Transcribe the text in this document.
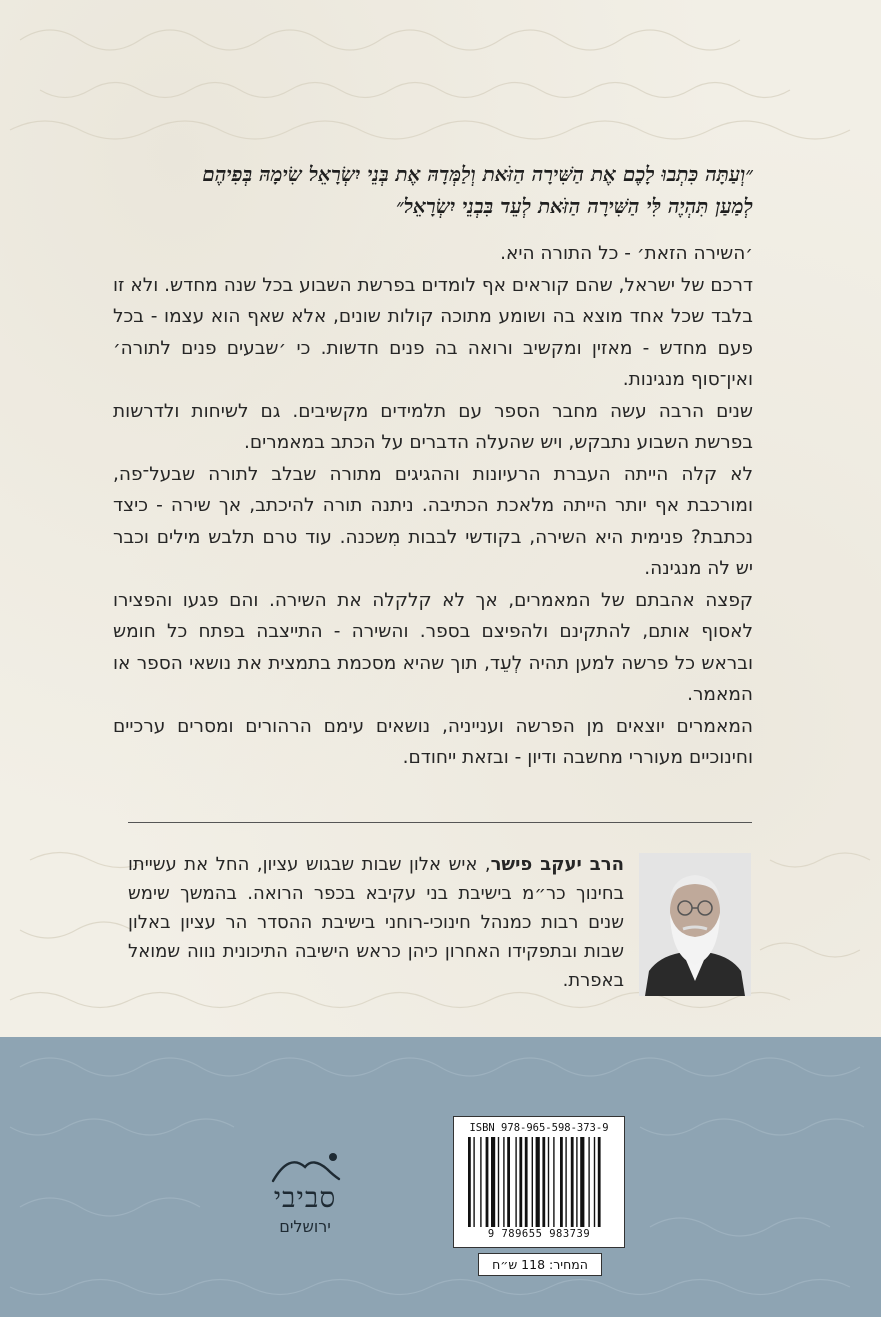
״וְעַתָּה כִּתְבוּ לָכֶם אֶת הַשִּׁירָה הַזֹּאת וְלַמְּדָהּ אֶת בְּנֵי יִשְׂרָאֵל שִׂימָהּ בְּפִיהֶם
לְמַעַן תִּהְיֶה לִּי הַשִּׁירָה הַזֹּאת לְעֵד בִּבְנֵי יִשְׂרָאֵל״

׳השירה הזאת׳ - כל התורה היא.

דרכם של ישראל, שהם קוראים אף לומדים בפרשת השבוע בכל שנה מחדש. ולא זו בלבד שכל אחד מוצא בה ושומע מתוכה קולות שונים, אלא שאף הוא עצמו - בכל פעם מחדש - מאזין ומקשיב ורואה בה פנים חדשות. כי ׳שבעים פנים לתורה׳ ואין־סוף מנגינות.

שנים הרבה עשה מחבר הספר עם תלמידים מקשיבים. גם לשיחות ולדרשות בפרשת השבוע נתבקש, ויש שהעלה הדברים על הכתב במאמרים.

לא קלה הייתה העברת הרעיונות וההגיגים מתורה שבלב לתורה שבעל־פה, ומורכבת אף יותר הייתה מלאכת הכתיבה. ניתנה תורה להיכתב, אך שירה - כיצד נכתבת? פנימית היא השירה, בקודשי לבבות מִשכנה. עוד טרם תלבש מילים וכבר יש לה מנגינה.

קפצה אהבתם של המאמרים, אך לא קלקלה את השירה. והם פגעו והפצירו לאסוף אותם, להתקינם ולהפיצם בספר. והשירה - התייצבה בפתח כל חומש ובראש כל פרשה למען תהיה לְעֵד, תוך שהיא מסכמת בתמצית את נושאי הספר או המאמר.

המאמרים יוצאים מן הפרשה וענייניה, נושאים עימם הרהורים ומסרים ערכיים וחינוכיים מעוררי מחשבה ודיון - ובזאת ייחודם.

הרב יעקב פישר, איש אלון שבות שבגוש עציון, החל את עשייתו בחינוך כר״מ בישיבת בני עקיבא בכפר הרואה. בהמשך שימש שנים רבות כמנהל חינוכי-רוחני בישיבת ההסדר הר עציון באלון שבות ובתפקידו האחרון כיהן כראש הישיבה התיכונית נווה שמואל באפרת.
סביבי
ירושלים
ISBN 978-965-598-373-9
9 789655 983739
המחיר: 118 ש״ח
